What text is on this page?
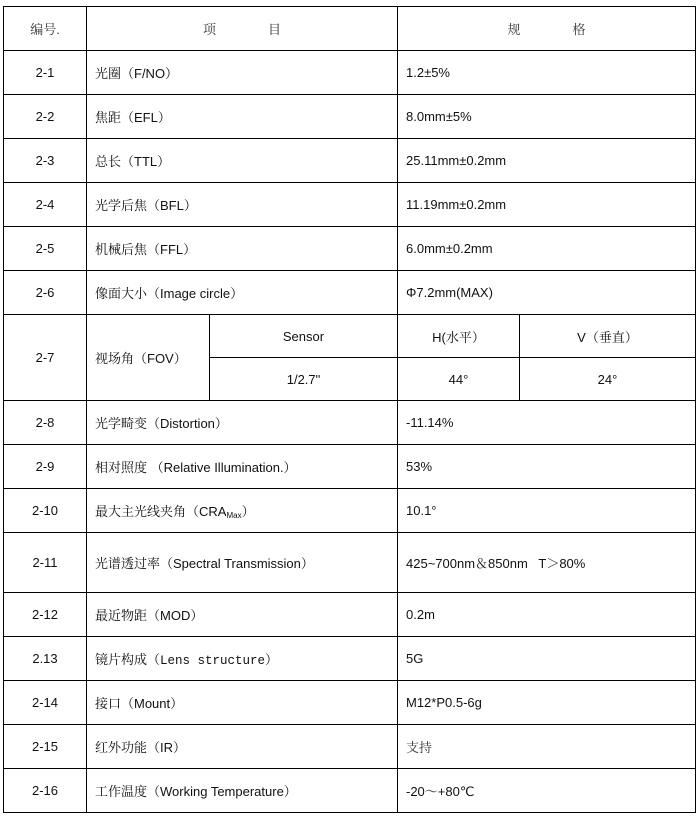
编号.	项 目		规 格	
2-1	光圈（F/NO）		1.2±5%	
2-2	焦距（EFL）		8.0mm±5%	
2-3	总长（TTL）		25.11mm±0.2mm	
2-4	光学后焦（BFL）		11.19mm±0.2mm	
2-5	机械后焦（FFL）		6.0mm±0.2mm	
2-6	像面大小（Image circle）		Φ7.2mm(MAX)	
2-7	视场角（FOV）	Sensor	H(水平）	V（垂直）
		1/2.7"	44°	24°
2-8	光学畸变（Distortion）		-11.14%	
2-9	相对照度 （Relative Illumination.）		53%	
2-10	最大主光线夹角$(CRA_{Max})$		10.1°	
2-11	光谱透过率（Spectral Transmission）		425~700nm＆850nm   T＞80%	
2-12	最近物距（MOD）		0.2m	
2.13	镜片构成（Lens structure）		5G	
2-14	接口（Mount）		M12*P0.5-6g	
2-15	红外功能（IR）		支持	
2-16	工作温度（Working Temperature）		-20～+80℃	
